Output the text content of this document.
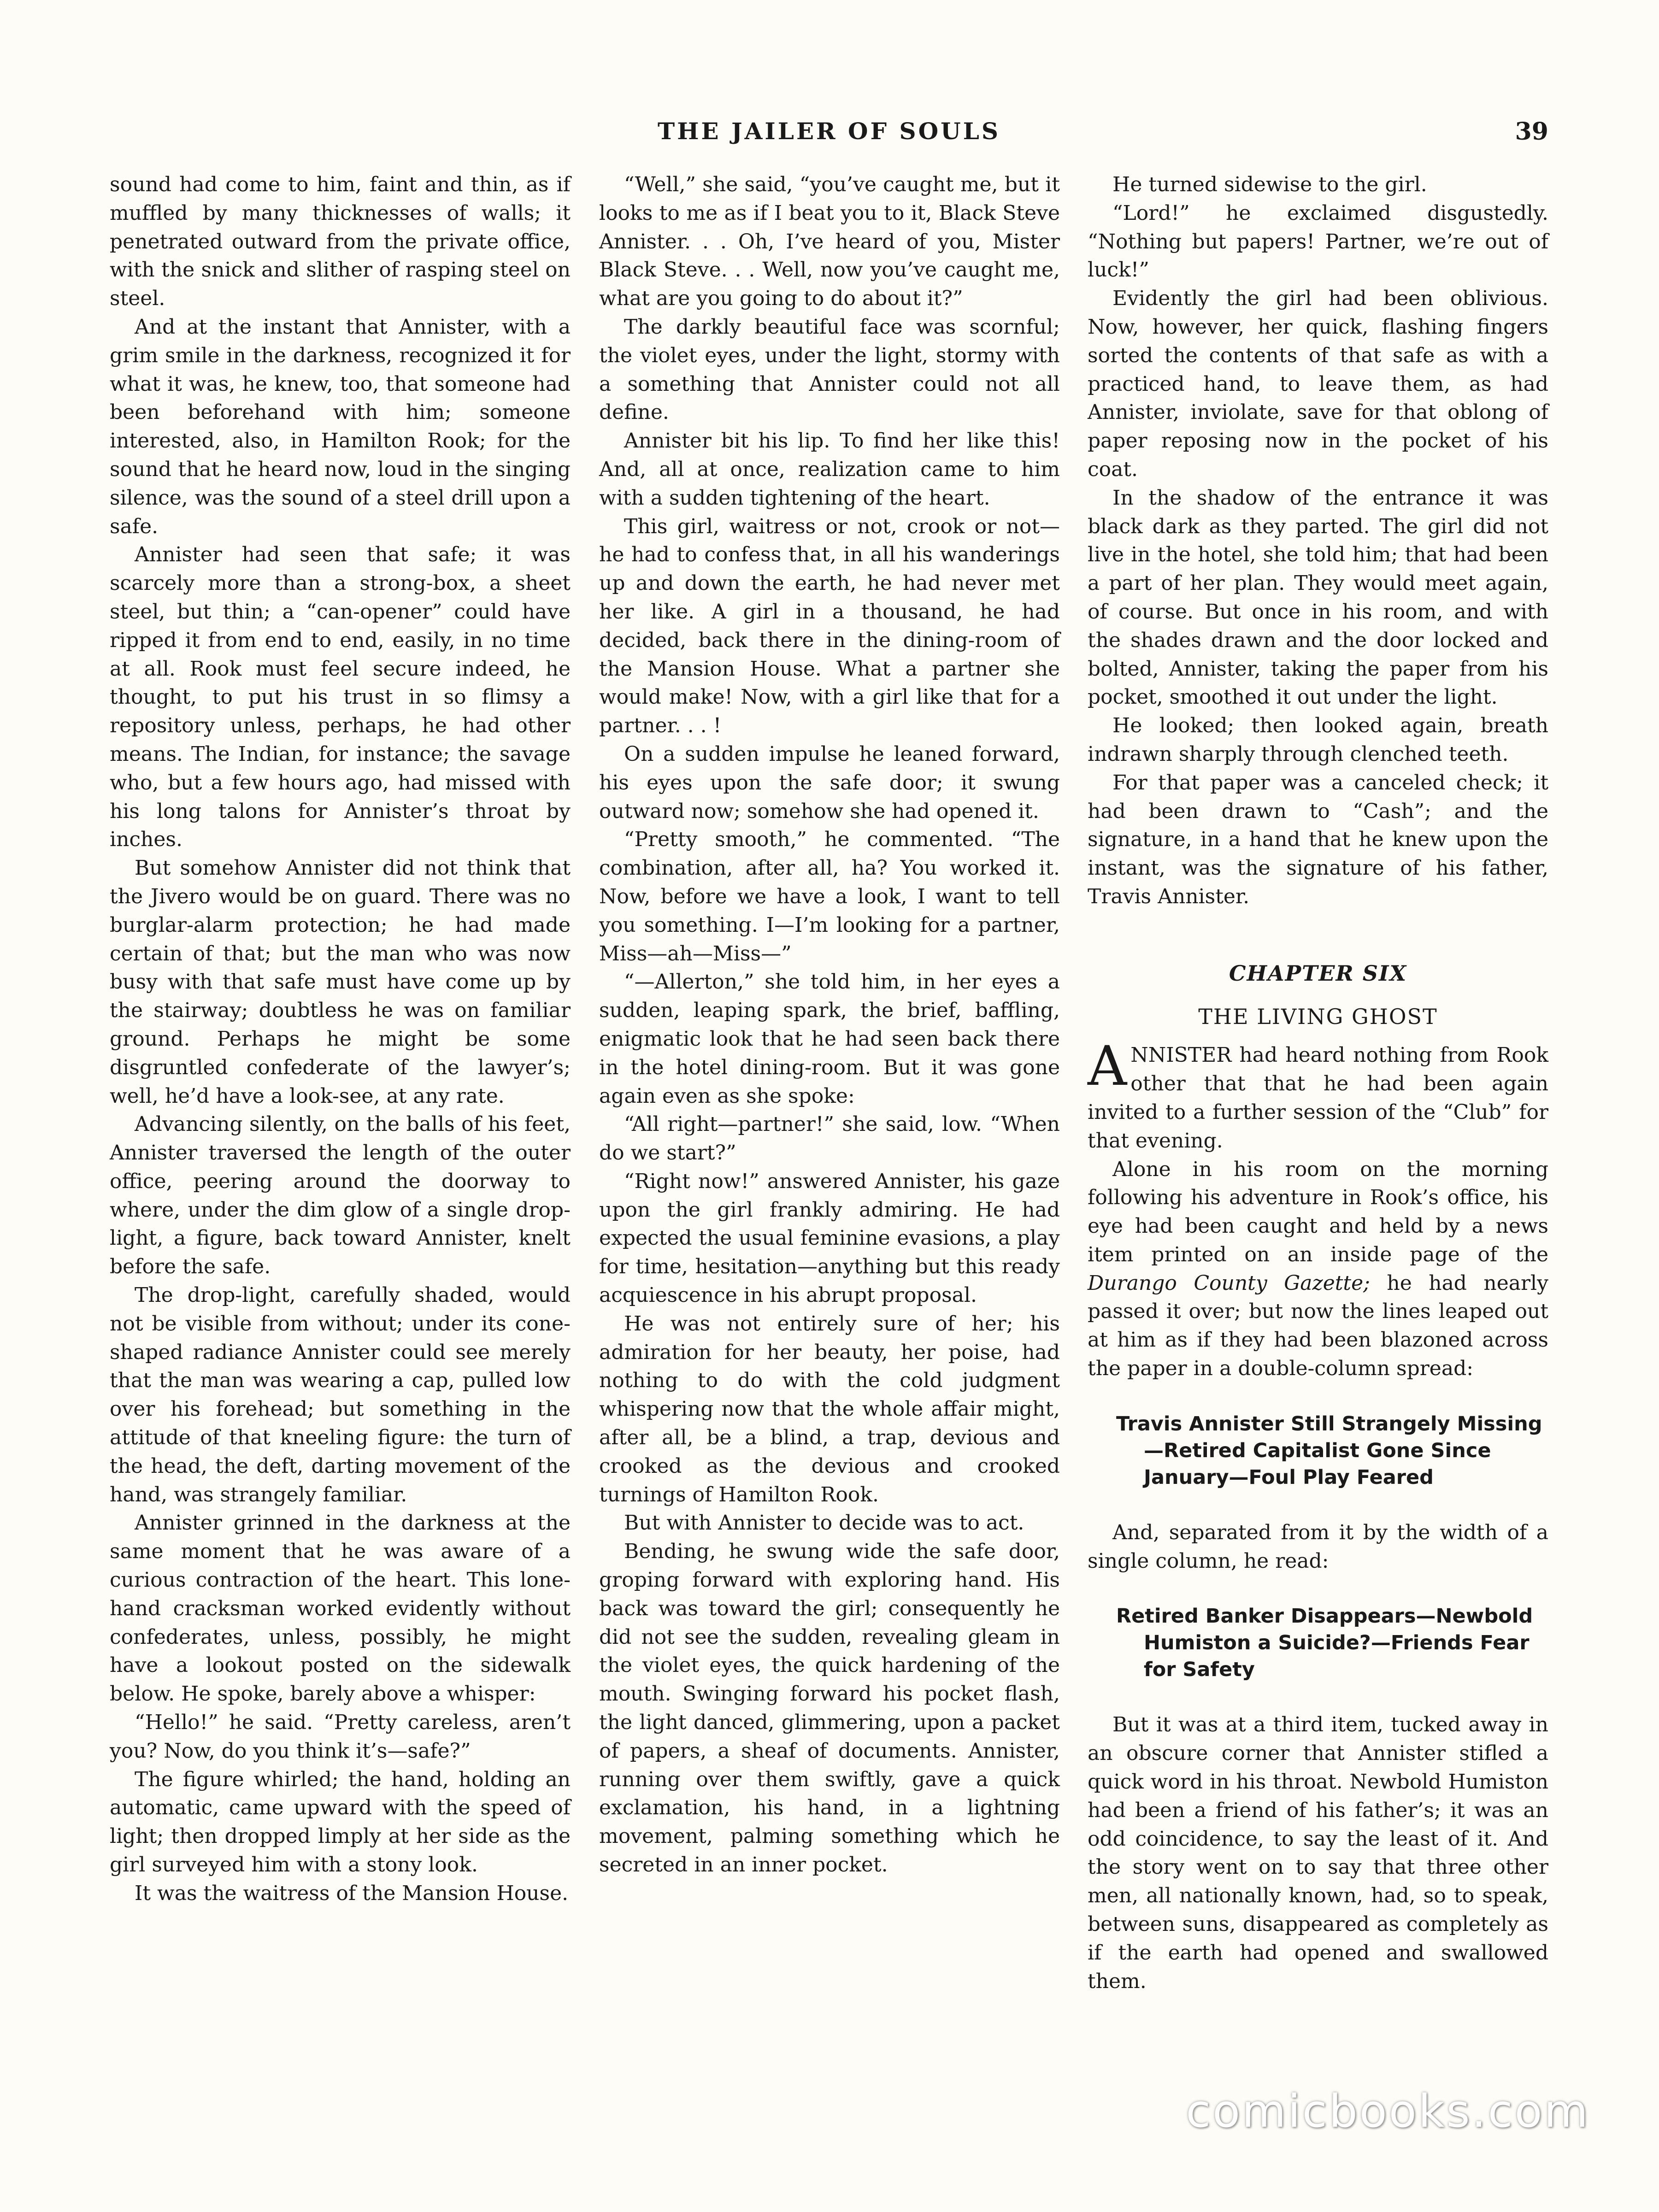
THE JAILER OF SOULS	39

sound had come to him, faint and thin, as if muffled by many thicknesses of walls; it penetrated outward from the private office, with the snick and slither of rasping steel on steel.

And at the instant that Annister, with a grim smile in the darkness, recognized it for what it was, he knew, too, that someone had been beforehand with him; someone interested, also, in Hamilton Rook; for the sound that he heard now, loud in the singing silence, was the sound of a steel drill upon a safe.

Annister had seen that safe; it was scarcely more than a strong-box, a sheet steel, but thin; a “can-opener” could have ripped it from end to end, easily, in no time at all. Rook must feel secure indeed, he thought, to put his trust in so flimsy a repository unless, perhaps, he had other means. The Indian, for instance; the savage who, but a few hours ago, had missed with his long talons for Annister’s throat by inches.

But somehow Annister did not think that the Jivero would be on guard. There was no burglar-alarm protection; he had made certain of that; but the man who was now busy with that safe must have come up by the stairway; doubtless he was on familiar ground. Perhaps he might be some disgruntled confederate of the lawyer’s; well, he’d have a look-see, at any rate.

Advancing silently, on the balls of his feet, Annister traversed the length of the outer office, peering around the doorway to where, under the dim glow of a single drop-light, a figure, back toward Annister, knelt before the safe.

The drop-light, carefully shaded, would not be visible from without; under its cone-shaped radiance Annister could see merely that the man was wearing a cap, pulled low over his forehead; but something in the attitude of that kneeling figure: the turn of the head, the deft, darting movement of the hand, was strangely familiar.

Annister grinned in the darkness at the same moment that he was aware of a curious contraction of the heart. This lone-hand cracksman worked evidently without confederates, unless, possibly, he might have a lookout posted on the sidewalk below. He spoke, barely above a whisper:

“Hello!” he said. “Pretty careless, aren’t you? Now, do you think it’s—safe?”

The figure whirled; the hand, holding an automatic, came upward with the speed of light; then dropped limply at her side as the girl surveyed him with a stony look.

It was the waitress of the Mansion House.

“Well,” she said, “you’ve caught me, but it looks to me as if I beat you to it, Black Steve Annister. . . Oh, I’ve heard of you, Mister Black Steve. . . Well, now you’ve caught me, what are you going to do about it?”

The darkly beautiful face was scornful; the violet eyes, under the light, stormy with a something that Annister could not all define.

Annister bit his lip. To find her like this! And, all at once, realization came to him with a sudden tightening of the heart.

This girl, waitress or not, crook or not—he had to confess that, in all his wanderings up and down the earth, he had never met her like. A girl in a thousand, he had decided, back there in the dining-room of the Mansion House. What a partner she would make! Now, with a girl like that for a partner. . . !

On a sudden impulse he leaned forward, his eyes upon the safe door; it swung outward now; somehow she had opened it.

“Pretty smooth,” he commented. “The combination, after all, ha? You worked it. Now, before we have a look, I want to tell you something. I—I’m looking for a partner, Miss—ah—Miss—”

“—Allerton,” she told him, in her eyes a sudden, leaping spark, the brief, baffling, enigmatic look that he had seen back there in the hotel dining-room. But it was gone again even as she spoke:

“All right—partner!” she said, low. “When do we start?”

“Right now!” answered Annister, his gaze upon the girl frankly admiring. He had expected the usual feminine evasions, a play for time, hesitation—anything but this ready acquiescence in his abrupt proposal.

He was not entirely sure of her; his admiration for her beauty, her poise, had nothing to do with the cold judgment whispering now that the whole affair might, after all, be a blind, a trap, devious and crooked as the devious and crooked turnings of Hamilton Rook.

But with Annister to decide was to act.

Bending, he swung wide the safe door, groping forward with exploring hand. His back was toward the girl; consequently he did not see the sudden, revealing gleam in the violet eyes, the quick hardening of the mouth. Swinging forward his pocket flash, the light danced, glimmering, upon a packet of papers, a sheaf of documents. Annister, running over them swiftly, gave a quick exclamation, his hand, in a lightning movement, palming something which he secreted in an inner pocket.

He turned sidewise to the girl.

“Lord!” he exclaimed disgustedly. “Nothing but papers! Partner, we’re out of luck!”

Evidently the girl had been oblivious. Now, however, her quick, flashing fingers sorted the contents of that safe as with a practiced hand, to leave them, as had Annister, inviolate, save for that oblong of paper reposing now in the pocket of his coat.

In the shadow of the entrance it was black dark as they parted. The girl did not live in the hotel, she told him; that had been a part of her plan. They would meet again, of course. But once in his room, and with the shades drawn and the door locked and bolted, Annister, taking the paper from his pocket, smoothed it out under the light.

He looked; then looked again, breath indrawn sharply through clenched teeth.

For that paper was a canceled check; it had been drawn to “Cash”; and the signature, in a hand that he knew upon the instant, was the signature of his father, Travis Annister.

CHAPTER SIX
THE LIVING GHOST

ANNISTER had heard nothing from Rook other that that he had been again invited to a further session of the “Club” for that evening.

Alone in his room on the morning following his adventure in Rook’s office, his eye had been caught and held by a news item printed on an inside page of the Durango County Gazette; he had nearly passed it over; but now the lines leaped out at him as if they had been blazoned across the paper in a double-column spread:

Travis Annister Still Strangely Missing—Retired Capitalist Gone Since January—Foul Play Feared

And, separated from it by the width of a single column, he read:

Retired Banker Disappears—Newbold Humiston a Suicide?—Friends Fear for Safety

But it was at a third item, tucked away in an obscure corner that Annister stifled a quick word in his throat. Newbold Humiston had been a friend of his father’s; it was an odd coincidence, to say the least of it. And the story went on to say that three other men, all nationally known, had, so to speak, between suns, disappeared as completely as if the earth had opened and swallowed them.

comicbooks.com
